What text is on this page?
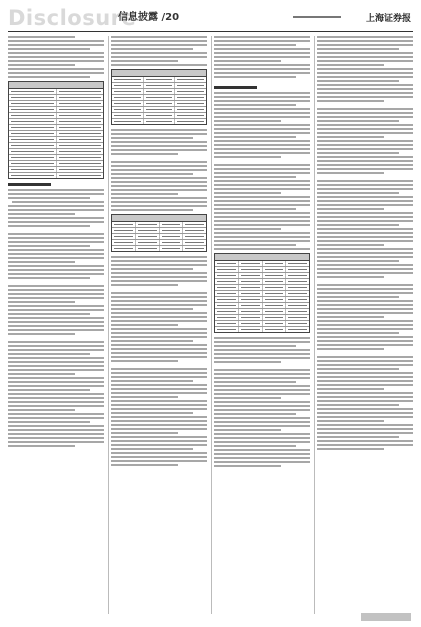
Disclosure
信息披露 /20	上海证券报
